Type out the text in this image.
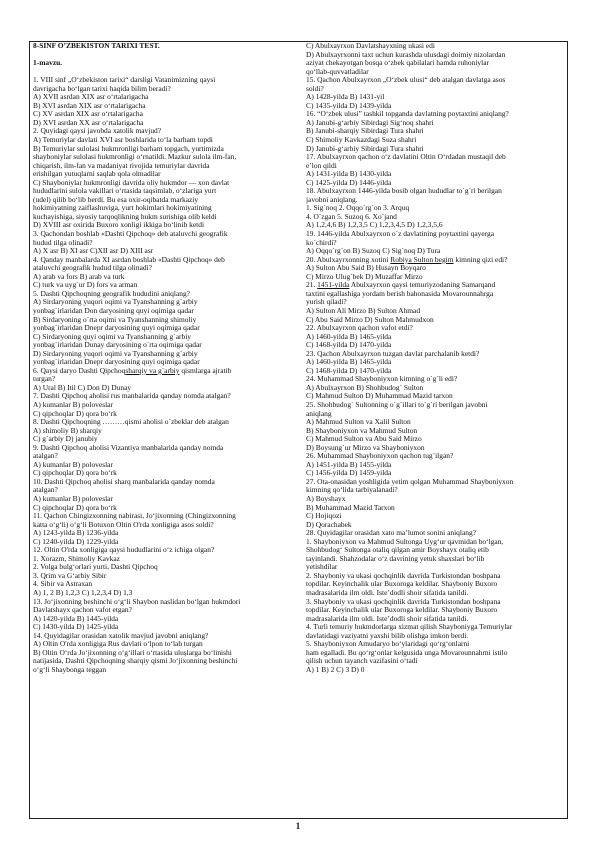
8-SINF O’ZBEKISTON TARIXI TEST.
1-mavzu.
1. VIII sinf „O‘zbekiston tarixi“ darsligi Vatanimizning qaysi
davrigacha bo‘lgan tarixi haqida bilim beradi?
A) XVII asrdan XIX asr o‘rtalarigacha
B) XVI asrdan XIX asr o‘rtalarigacha
C) XV asrdan XIX asr o‘rtalarigacha
D) XVI asrdan XX asr o‘rtalarigacha
2. Quyidagi qaysi javobda xatolik mavjud?
A) Temuriylar davlati XVI asr boshlarida to‘la barham topdi
B) Temuriylar sulolasi hukmronligi barham topgach, yurtimizda
shayboniylar sulolasi hukmronligi o‘rnatildi. Mazkur sulola ilm-fan,
chiqarish, ilm-fan va madaniyat rivojida temuriylar davrida
erishilgan yutuqlarni saqlab qola olmadilar
C) Shayboniylar hukmronligi davrida oliy hukmdor — xon davlat
hududlarini sulola vakillari o‘rtasida taqsimlab, o‘zlariga yurt
(udel) qilib bo‘lib berdi. Bu esa oxir-oqibatda markaziy
hokimiyatning zaiflashuviga, yurt hokimlari hokimiyatining
kuchayishiga, siyosiy tarqoqlikning hukm surishiga olib keldi
D) XVIII asr oxirida Buxoro xonligi ikkiga bo‘linib ketdi
3. Qachondan boshlab «Dashti Qipchoq» deb ataluvchi geografik
hudud tilga olinadi?
A) X asr B) XI asr C)XII asr D) XIII asr
4. Qanday manbalarda XI asrdan boshlab «Dashti Qipchoq» deb
ataluvchi geografik hudud tilga olinadi?
A) arab va fors B) arab va turk
C) turk va uyg`ur D) fors va arman
5. Dashti Qipchoqning geografik hududini aniqlang?
A) Sirdaryoning yuqori oqimi va Tyanshanning g`arbiy
yonbag`irlaridan Don daryosining quyi oqimiga qadar
B) Sirdaryoning o`rta oqimi va Tyanshanning shimoliy
yonbag`irlaridan Dnepr daryosining quyi oqimiga qadar
C) Sirdaryoning quyi oqimi va Tyanshanning g`arbiy
yonbag`irlaridan Dunay daryosining o`rta oqimiga qadar
D) Sirdaryoning yuqori oqimi va Tyanshanning g`arbiy
yonbag`irlaridan Dnepr daryosining quyi oqimiga qadar
6. Qaysi daryo Dashti Qipchoqsharqiy va g`arbiy qismlarga ajratib
turgan?
A) Ural B) Itil C) Don D) Dunay
7. Dashti Qipchoq aholisi rus manbalarida qanday nomda atalgan?
A) kumanlar B) poloveslar
C) qipchoqlar D) qora bo‘rk
8. Dashti Qipchoqning ………qismi aholisi o`zbeklar deb atalgan
A) shimoliy B) sharqiy
C) g`arbiy D) janubiy
9. Dashti Qipchoq aholisi Vizantiya manbalarida qanday nomda
atalgan?
A) kumanlar B) poloveslar
C) qipchoqlar D) qora bo‘rk
10. Dashti Qipchoq aholisi sharq manbalarida qanday nomda
atalgan?
A) kumanlar B) poloveslar
C) qipchoqlar D) qora bo‘rk
11. Qachon Chingizxonning nabirasi, Jo‘jixonning (Chingizxonning
katta o‘g‘li) o‘g‘li Botuxon Oltin O'rda xonligiga asos soldi?
A) 1243-yilda B) 1236-yilda
C) 1240-yilda D) 1229-yilda
12. Oltin O'rda xonligiga qaysi hududlarini o‘z ichiga olgan?
1. Xorazm, Shimoliy Kavkaz
2. Volga bulg‘orlari yurti, Dashti Qipchoq
3. Qrim va G‘arbiy Sibir
4. Sibir va Astraxan
A) 1, 2 B) 1,2,3 C) 1,2,3,4 D) 1,3
13. Jo‘jixonning beshinchi o‘g‘li Shaybon naslidan bo‘lgan hukmdori
Davlatshayx qachon vafot etgan?
A) 1420-yilda B) 1445-yilda
C) 1430-yilda D) 1425-yilda
14. Quyidagilar orasidan xatolik mavjud javobni aniqlang?
A) Oltin O'rda xonligiga Rus davlati o‘lpon to‘lab turgan
B) Oltin O‘rda Jo‘jixonning o‘g‘illari o‘rtasida ulușlarga bo‘linishi
natijasida, Dashti Qipchoqning sharqiy qismi Jo‘jixonning beshinchi
o‘g‘li Shaybonga teggan
C) Abulxayrxon Davlatshayxning ukasi edi
D) Abulxayrxonni taxt uchun kurashda ulusdagi doimiy nizolardan
aziyat chekayotgan bosqa o‘zbek qabilalari hamda ruhoniylar
qo‘llab-quvvatladilar
15. Qachon Abulxayrxon „O‘zbek ulusi“ deb atalgan davlatga asos
soldi?
A) 1428-yilda B) 1431-yil
C) 1435-yilda D) 1439-yilda
16. “O‘zbek ulusi” tashkil topganda davlatning poytaxtini aniqlang?
A) Janubi-g‘arbiy Sibirdagi Sig‘noq shahri
B) Janubi-sharqiy Sibirdagi Tura shahri
C) Shimoliy Kavkazdagi Suza shahri
D) Janubi-g‘arbiy Sibirdagi Tura shahri
17. Abulxayrxon qachon o‘z davlatini Oltin O‘rdadan mustaqil deb
e’lon qildi
A) 1431-yilda B) 1430-yilda
C) 1425-yilda D) 1446-yilda
18. Abulxayrxon 1446-yilda bosib olgan hududlar to`g`ri berilgan
javobni aniqlang.
1. Sig`noq 2. Oqqo`rg`on 3. Arquq
4. O`zgan 5. Suzoq 6. Xo`jand
A) 1,2,4,6 B) 1,2,3,5 C) 1,2,3,4,5 D) 1,2,3,5,6
19. 1446-yilda Abulxayrxon o`z davlatining poytaxtini qayerga
ko`chirdi?
A) Oqqo`rg`on B) Suzoq C) Sig`noq D) Tura
20. Abulxayrxonning xotini Robiya Sulton begim kimning qizi edi?
A) Sulton Abu Said B) Husayn Boyqaro
C) Mirzo Ulug`bek D) Muzaffar Mirzo
21. 1451-yilda Abulxayrxon qaysi temuriyzodaning Samarqand
taxtini egallashiga yordam berish bahonasida Movarounnahrga
yurish qiladi?
A) Sulton Ali Mirzo B) Sulton Ahmad
C) Abu Said Mirzo D) Sulton Mahmudxon
22. Abulxayrxon qachon vafot etdi?
A) 1460-yilda B) 1465-yilda
C) 1468-yilda D) 1470-yilda
23. Qachon Abulxayrxon tuzgan davlat parchalanib ketdi?
A) 1460-yilda B) 1465-yilda
C) 1468-yilda D) 1470-yilda
24. Muhammad Shayboniyxon kimning o`g`li edi?
A) Abulxayrxon B) Shohbudog` Sulton
C) Mahmud Sulton D) Muhammad Mazid tarxon
25. Shohbudog` Sultonning o`g`illari to`g`ri berilgan javobni
aniqlang
A) Mahmud Sulton va Xalil Sulton
B) Shayboniyxon va Mahmud Sulton
C) Mahmud Sulton va Abu Said Mirzo
D) Boysung`ur Mirzo va Shayboniyxon
26. Muhammad Shayboniyxon qachon tug`ilgan?
A) 1451-yilda B) 1455-yilda
C) 1456-yilda D) 1459-yilda
27. Ota-onasidan yoshligida yetim qolgan Muhammad Shayboniyxon
kimning qo‘lida tarbiyalanadi?
A) Boyshayx
B) Muhammad Mazid Tarxon
C) Hojiqozi
D) Qorachabek
28. Quyidagilar orasidan xato ma’lumot sonini aniqlang?
1. Shayboniyxon va Mahmud Sultonga Uyg‘ur qavmidan bo‘lgan,
Shohbudog‘ Sultonga otaliq qilgan amir Boyshayx otaliq etib
tayinlandi. Shahzodalar o‘z davrining yetuk shaxslari bo‘lib
yetishdilar
2. Shayboniy va ukasi qochqinlik davrida Turkistondan boshpana
topdilar. Keyinchalik ular Buxoroga keldilar. Shayboniy Buxoro
madrasalarida ilm oldi. Iste’dodli shoir sifatida tanildi.
3. Shayboniy va ukasi qochqinlik davrida Turkistondan boshpana
topdilar. Keyinchalik ular Buxoroga keldilar. Shayboniy Buxoro
madrasalarida ilm oldi. Iste’dodli shoir sifatida tanildi.
4. Turli temuriy hukmdorlarga xizmat qilish Shayboniyga Temuriylar
davlatidagi vaziyatni yaxshi bilib olishga imkon berdi.
5. Shayboniyxon Amudaryo bo‘ylaridagi qo‘rg‘onlarni
ham egalladi. Bu qo‘rg‘onlar kelgusida unga Movarounnahrni istilo
qilish uchun tayanch vazifasini o‘tadi
A) 1 B) 2 C) 3 D) 0
1
